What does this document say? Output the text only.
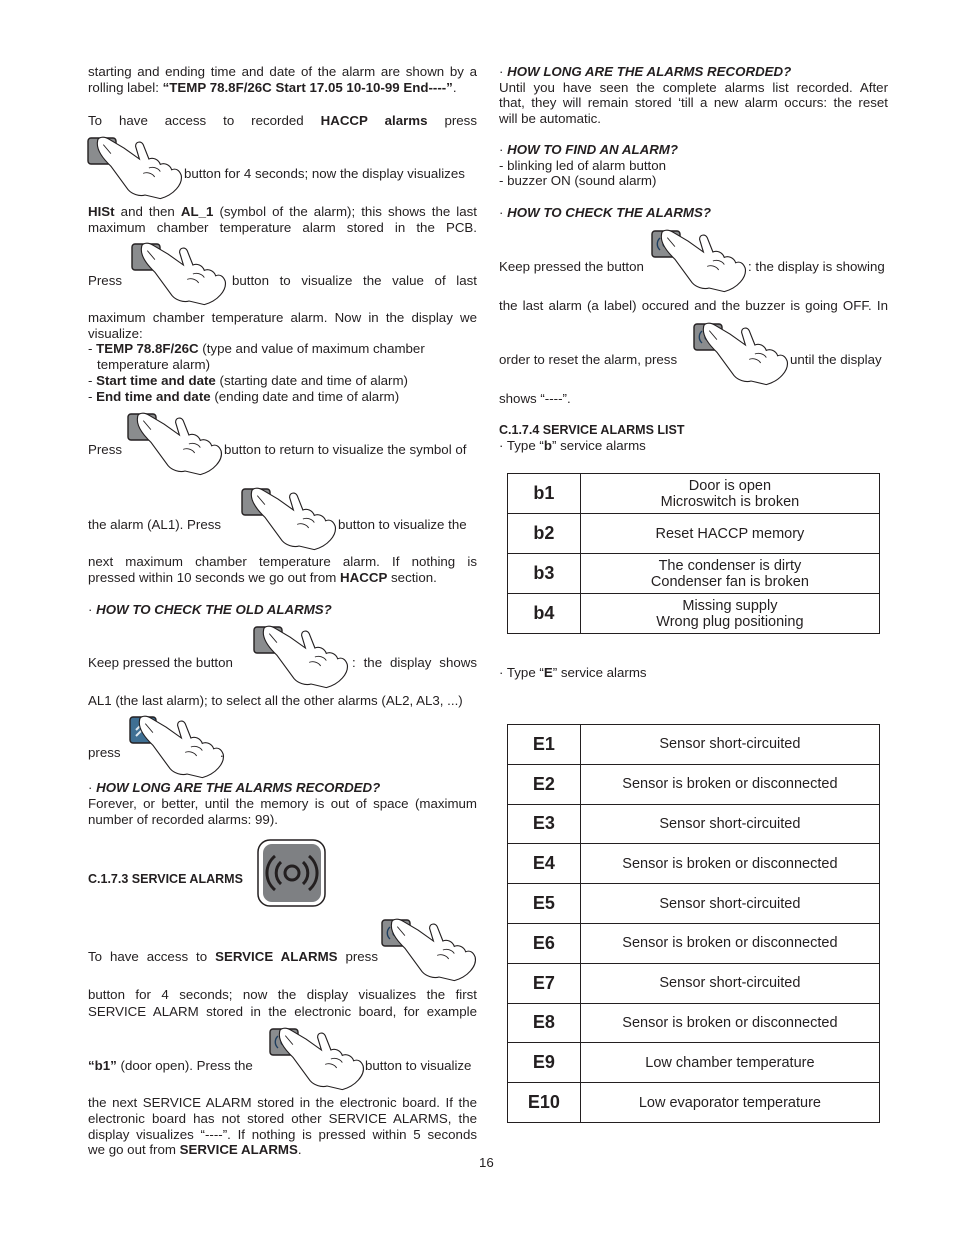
starting and ending time and date of the alarm are shown by a
rolling label: “TEMP 78.8F/26C Start 17.05 10-10-99 End----”.
To have access to recorded HACCP alarms press
button for 4 seconds; now the display visualizes
HISt and then AL_1 (symbol of the alarm); this shows the last
maximum chamber temperature alarm stored in the PCB.
Press	button to visualize the value of last
maximum chamber temperature alarm. Now in the display we
visualize:
- TEMP 78.8F/26C (type and value of maximum chamber
temperature alarm)
- Start time and date (starting date and time of alarm)
- End time and date (ending date and time of alarm)
Press	button to return to visualize the symbol of
the alarm (AL1). Press	button to visualize the
next maximum chamber temperature alarm. If nothing is
pressed within 10 seconds we go out from HACCP section.
· HOW TO CHECK THE OLD ALARMS?
Keep pressed the button	: the display shows
AL1 (the last alarm); to select all the other alarms (AL2, AL3, ...)
press	.
· HOW LONG ARE THE ALARMS RECORDED?
Forever, or better, until the memory is out of space (maximum
number of recorded alarms: 99).
C.1.7.3 SERVICE ALARMS
To have access to SERVICE ALARMS press
button for 4 seconds; now the display visualizes the first
SERVICE ALARM stored in the electronic board, for example
“b1” (door open). Press the	button to visualize
the next SERVICE ALARM stored in the electronic board. If the
electronic board has not stored other SERVICE ALARMS, the
display visualizes “----”. If nothing is pressed within 5 seconds
we go out from SERVICE ALARMS.
· HOW LONG ARE THE ALARMS RECORDED?
Until you have seen the complete alarms list recorded. After
that, they will remain stored ‘till a new alarm occurs: the reset
will be automatic.
· HOW TO FIND AN ALARM?
- blinking led of alarm button
- buzzer ON (sound alarm)
· HOW TO CHECK THE ALARMS?
Keep pressed the button	: the display is showing
the last alarm (a label) occured and the buzzer is going OFF. In
order to reset the alarm, press	until the display
shows “----”.
C.1.7.4 SERVICE ALARMS LIST
· Type “b” service alarms
· Type “E” service alarms
b1	Door is open
Microswitch is broken

b2	Reset HACCP memory

b3	The condenser is dirty
Condenser fan is broken

b4	Missing supply
Wrong plug positioning
E1	Sensor short-circuited
E2	Sensor is broken or disconnected
E3	Sensor short-circuited
E4	Sensor is broken or disconnected
E5	Sensor short-circuited
E6	Sensor is broken or disconnected
E7	Sensor short-circuited
E8	Sensor is broken or disconnected
E9	Low chamber temperature
E10	Low evaporator temperature
16
